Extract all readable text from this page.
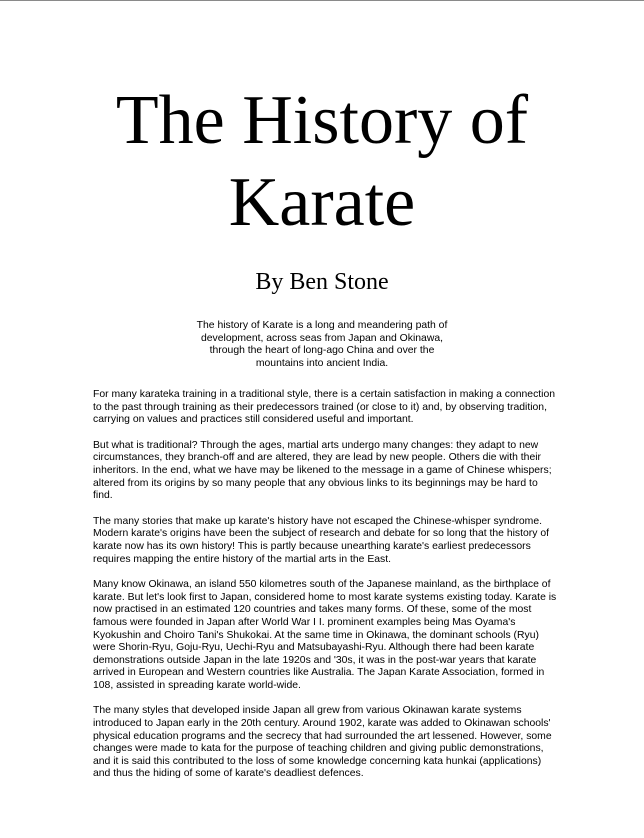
The History of
Karate
By Ben Stone

The history of Karate is a long and meandering path of development, across seas from Japan and Okinawa, through the heart of long-ago China and over the mountains into ancient India.

For many karateka training in a traditional style, there is a certain satisfaction in making a connection to the past through training as their predecessors trained (or close to it) and, by observing tradition, carrying on values and practices still considered useful and important.

But what is traditional? Through the ages, martial arts undergo many changes: they adapt to new circumstances, they branch-off and are altered, they are lead by new people. Others die with their inheritors. In the end, what we have may be likened to the message in a game of Chinese whispers; altered from its origins by so many people that any obvious links to its beginnings may be hard to find.

The many stories that make up karate's history have not escaped the Chinese-whisper syndrome. Modern karate's origins have been the subject of research and debate for so long that the history of karate now has its own history! This is partly because unearthing karate's earliest predecessors requires mapping the entire history of the martial arts in the East.

Many know Okinawa, an island 550 kilometres south of the Japanese mainland, as the birthplace of karate. But let's look first to Japan, considered home to most karate systems existing today. Karate is now practised in an estimated 120 countries and takes many forms. Of these, some of the most famous were founded in Japan after World War I I. prominent examples being Mas Oyama's Kyokushin and Choiro Tani's Shukokai. At the same time in Okinawa, the dominant schools (Ryu) were Shorin-Ryu, Goju-Ryu, Uechi-Ryu and Matsubayashi-Ryu. Although there had been karate demonstrations outside Japan in the late 1920s and '30s, it was in the post-war years that karate arrived in European and Western countries like Australia. The Japan Karate Association, formed in 108, assisted in spreading karate world-wide.

The many styles that developed inside Japan all grew from various Okinawan karate systems introduced to Japan early in the 20th century. Around 1902, karate was added to Okinawan schools' physical education programs and the secrecy that had surrounded the art lessened. However, some changes were made to kata for the purpose of teaching children and giving public demonstrations, and it is said this contributed to the loss of some knowledge concerning kata hunkai (applications) and thus the hiding of some of karate's deadliest defences.
